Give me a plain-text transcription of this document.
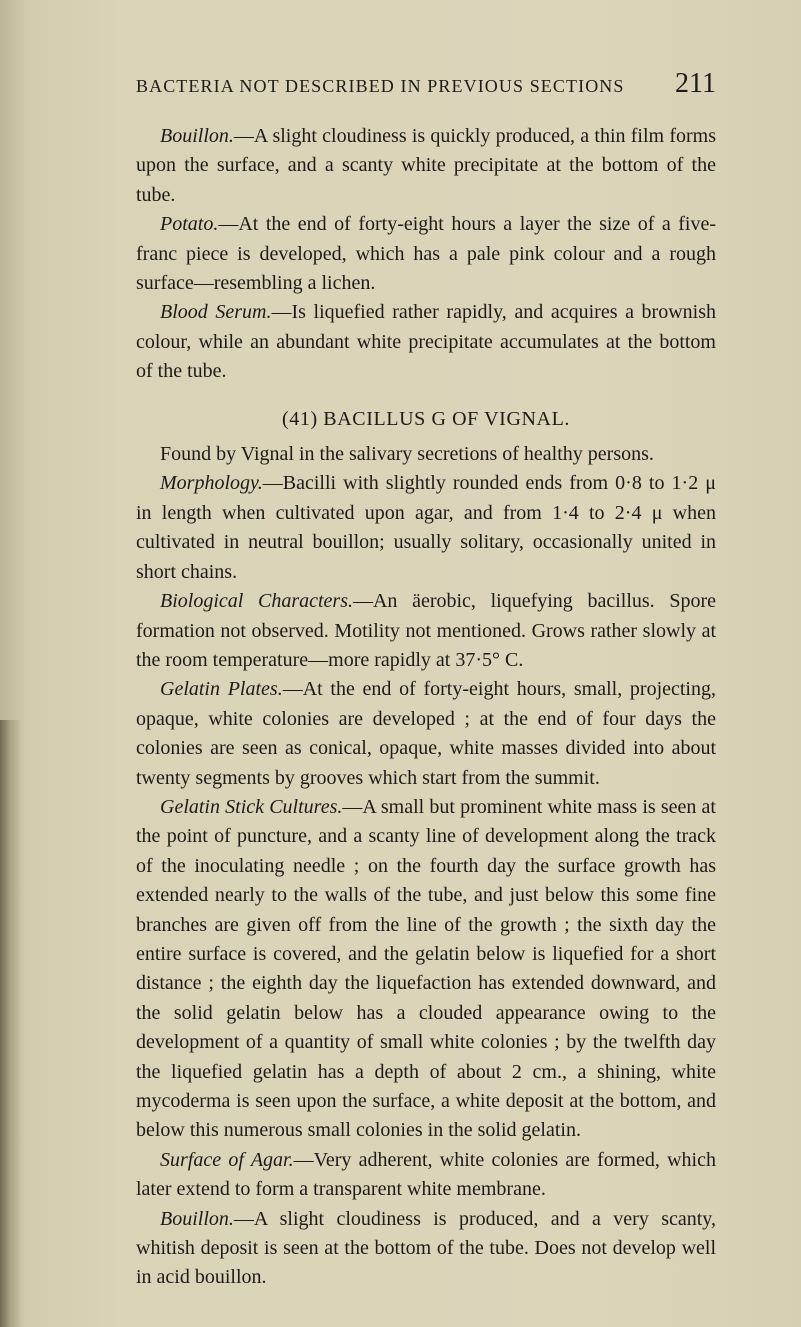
BACTERIA NOT DESCRIBED IN PREVIOUS SECTIONS 211

Bouillon.—A slight cloudiness is quickly produced, a thin film forms upon the surface, and a scanty white precipitate at the bottom of the tube.

Potato.—At the end of forty-eight hours a layer the size of a five-franc piece is developed, which has a pale pink colour and a rough surface—resembling a lichen.

Blood Serum.—Is liquefied rather rapidly, and acquires a brownish colour, while an abundant white precipitate accumulates at the bottom of the tube.

(41) BACILLUS G OF VIGNAL.

Found by Vignal in the salivary secretions of healthy persons.

Morphology.—Bacilli with slightly rounded ends from 0·8 to 1·2 μ in length when cultivated upon agar, and from 1·4 to 2·4 μ when cultivated in neutral bouillon; usually solitary, occasionally united in short chains.

Biological Characters.—An äerobic, liquefying bacillus. Spore formation not observed. Motility not mentioned. Grows rather slowly at the room temperature—more rapidly at 37·5° C.

Gelatin Plates.—At the end of forty-eight hours, small, projecting, opaque, white colonies are developed ; at the end of four days the colonies are seen as conical, opaque, white masses divided into about twenty segments by grooves which start from the summit.

Gelatin Stick Cultures.—A small but prominent white mass is seen at the point of puncture, and a scanty line of development along the track of the inoculating needle ; on the fourth day the surface growth has extended nearly to the walls of the tube, and just below this some fine branches are given off from the line of the growth ; the sixth day the entire surface is covered, and the gelatin below is liquefied for a short distance ; the eighth day the liquefaction has extended downward, and the solid gelatin below has a clouded appearance owing to the development of a quantity of small white colonies ; by the twelfth day the liquefied gelatin has a depth of about 2 cm., a shining, white mycoderma is seen upon the surface, a white deposit at the bottom, and below this numerous small colonies in the solid gelatin.

Surface of Agar.—Very adherent, white colonies are formed, which later extend to form a transparent white membrane.

Bouillon.—A slight cloudiness is produced, and a very scanty, whitish deposit is seen at the bottom of the tube. Does not develop well in acid bouillon.
